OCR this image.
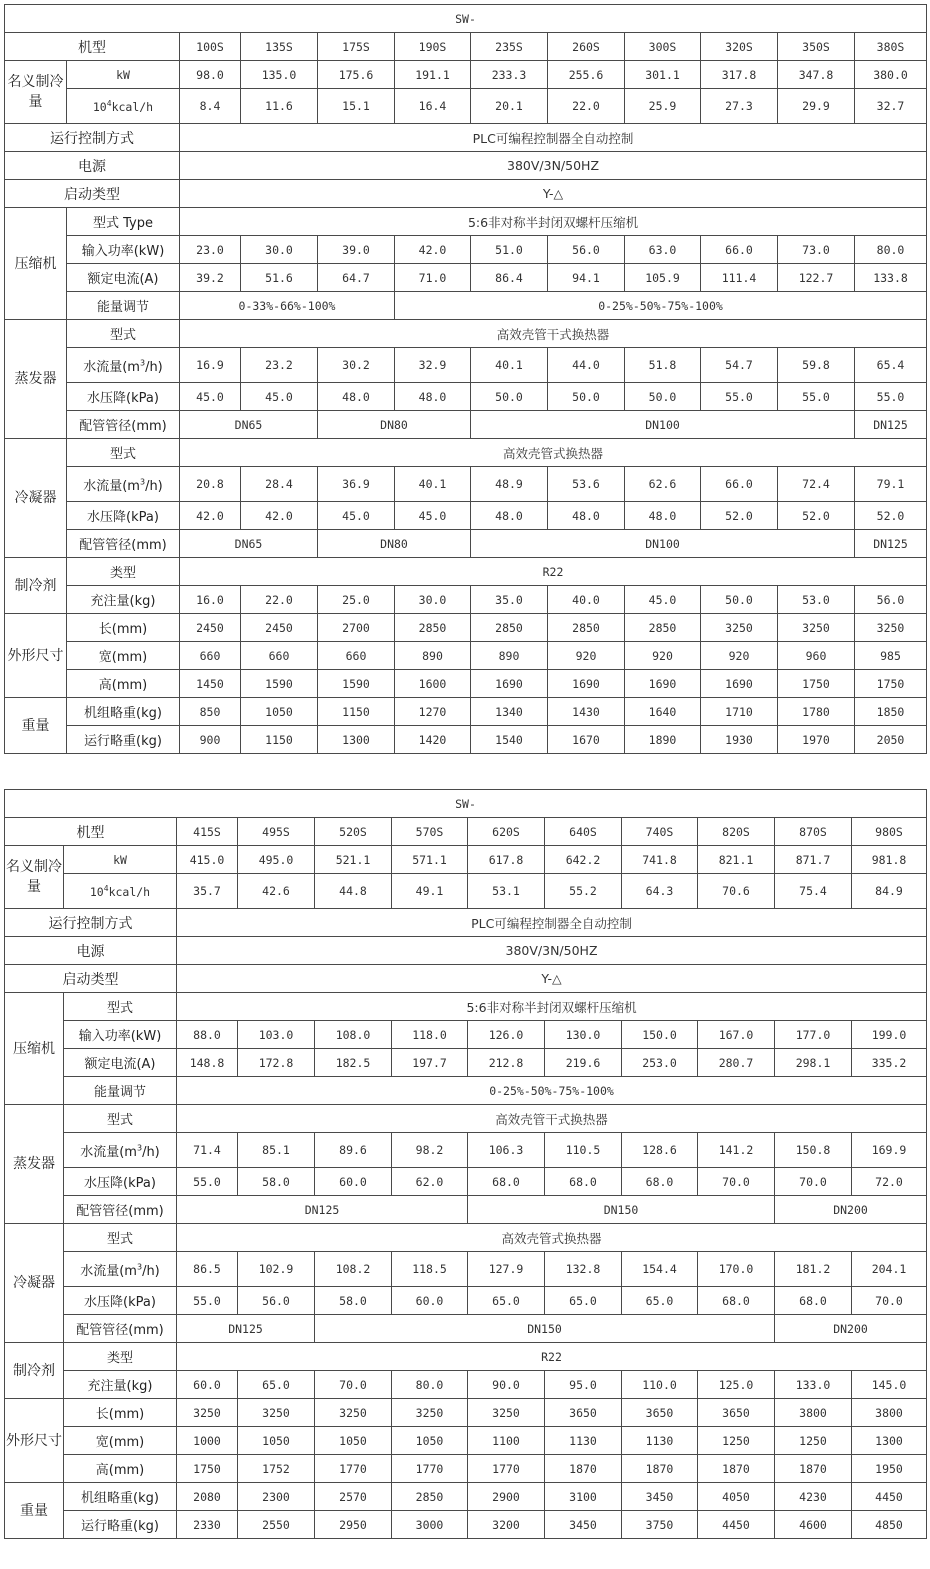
SW-											
机型		100S	135S	175S	190S	235S	260S	300S	320S	350S	380S
名义制冷量	kW	98.0	135.0	175.6	191.1	233.3	255.6	301.1	317.8	347.8	380.0
	$10^4kcal/h$	8.4	11.6	15.1	16.4	20.1	22.0	25.9	27.3	29.9	32.7
运行控制方式		PLC可编程控制器全自动控制									
电源		380V/3N/50HZ									
启动类型		Y-△									
压缩机	型式 Type	5:6非对称半封闭双螺杆压缩机									
	输入功率(kW)	23.0	30.0	39.0	42.0	51.0	56.0	63.0	66.0	73.0	80.0
	额定电流(A)	39.2	51.6	64.7	71.0	86.4	94.1	105.9	111.4	122.7	133.8
	能量调节	0-33%-66%-100%			0-25%-50%-75%-100%						
蒸发器	型式	高效壳管干式换热器									
	水流量$(m^3/h)$	16.9	23.2	30.2	32.9	40.1	44.0	51.8	54.7	59.8	65.4
	水压降(kPa)	45.0	45.0	48.0	48.0	50.0	50.0	50.0	55.0	55.0	55.0
	配管管径(mm)	DN65		DN80		DN100					DN125
冷凝器	型式	高效壳管式换热器									
	水流量$(m^3/h)$	20.8	28.4	36.9	40.1	48.9	53.6	62.6	66.0	72.4	79.1
	水压降(kPa)	42.0	42.0	45.0	45.0	48.0	48.0	48.0	52.0	52.0	52.0
	配管管径(mm)	DN65		DN80		DN100					DN125
制冷剂	类型	R22									
	充注量(kg)	16.0	22.0	25.0	30.0	35.0	40.0	45.0	50.0	53.0	56.0
外形尺寸	长(mm)	2450	2450	2700	2850	2850	2850	2850	3250	3250	3250
	宽(mm)	660	660	660	890	890	920	920	920	960	985
	高(mm)	1450	1590	1590	1600	1690	1690	1690	1690	1750	1750
重量	机组略重(kg)	850	1050	1150	1270	1340	1430	1640	1710	1780	1850
	运行略重(kg)	900	1150	1300	1420	1540	1670	1890	1930	1970	2050
SW-											
机型		415S	495S	520S	570S	620S	640S	740S	820S	870S	980S
名义制冷量	kW	415.0	495.0	521.1	571.1	617.8	642.2	741.8	821.1	871.7	981.8
	$10^4kcal/h$	35.7	42.6	44.8	49.1	53.1	55.2	64.3	70.6	75.4	84.9
运行控制方式		PLC可编程控制器全自动控制									
电源		380V/3N/50HZ									
启动类型		Y-△									
压缩机	型式	5:6非对称半封闭双螺杆压缩机									
	输入功率(kW)	88.0	103.0	108.0	118.0	126.0	130.0	150.0	167.0	177.0	199.0
	额定电流(A)	148.8	172.8	182.5	197.7	212.8	219.6	253.0	280.7	298.1	335.2
	能量调节	0-25%-50%-75%-100%									
蒸发器	型式	高效壳管干式换热器									
	水流量$(m^3/h)$	71.4	85.1	89.6	98.2	106.3	110.5	128.6	141.2	150.8	169.9
	水压降(kPa)	55.0	58.0	60.0	62.0	68.0	68.0	68.0	70.0	70.0	72.0
	配管管径(mm)	DN125				DN150				DN200	
冷凝器	型式	高效壳管式换热器									
	水流量$(m^3/h)$	86.5	102.9	108.2	118.5	127.9	132.8	154.4	170.0	181.2	204.1
	水压降(kPa)	55.0	56.0	58.0	60.0	65.0	65.0	65.0	68.0	68.0	70.0
	配管管径(mm)	DN125		DN150						DN200	
制冷剂	类型	R22									
	充注量(kg)	60.0	65.0	70.0	80.0	90.0	95.0	110.0	125.0	133.0	145.0
外形尺寸	长(mm)	3250	3250	3250	3250	3250	3650	3650	3650	3800	3800
	宽(mm)	1000	1050	1050	1050	1100	1130	1130	1250	1250	1300
	高(mm)	1750	1752	1770	1770	1770	1870	1870	1870	1870	1950
重量	机组略重(kg)	2080	2300	2570	2850	2900	3100	3450	4050	4230	4450
	运行略重(kg)	2330	2550	2950	3000	3200	3450	3750	4450	4600	4850
